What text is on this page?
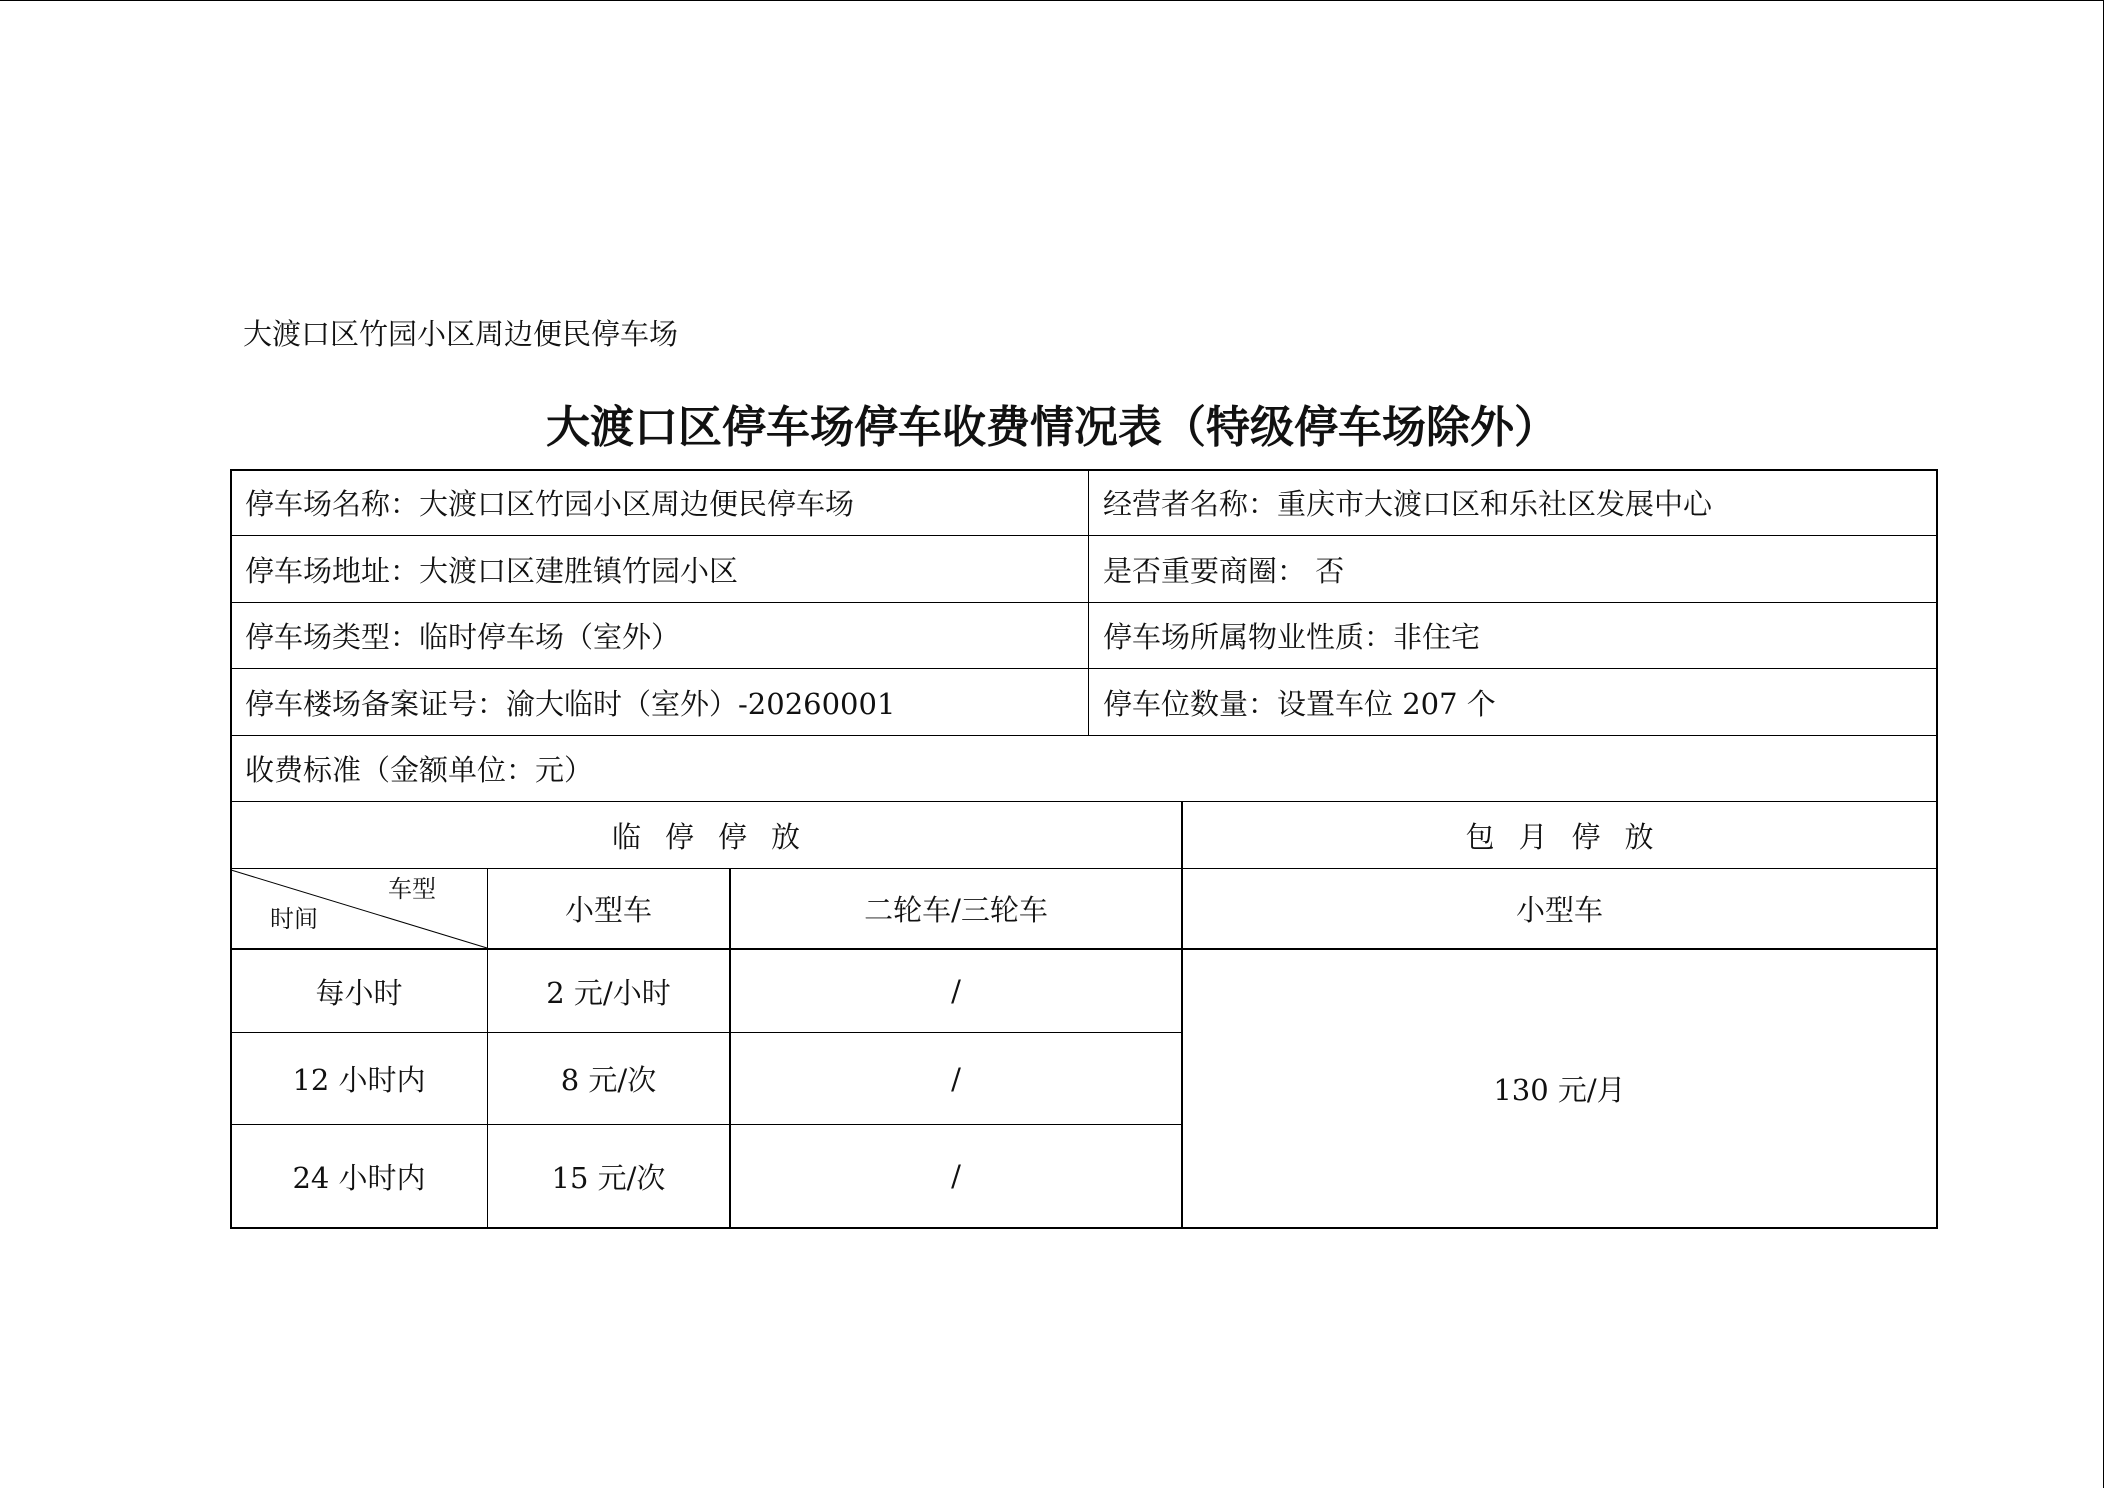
大渡口区竹园小区周边便民停车场
大渡口区停车场停车收费情况表（特级停车场除外）
停车场名称：大渡口区竹园小区周边便民停车场	经营者名称：重庆市大渡口区和乐社区发展中心
停车场地址：大渡口区建胜镇竹园小区	是否重要商圈： 否
停车场类型：临时停车场（室外）	停车场所属物业性质：非住宅
停车楼场备案证号：渝大临时（室外）-20260001	停车位数量：设置车位 207 个
收费标准（金额单位：元）
临停停放	包月停放
车型
时间	小型车	二轮车/三轮车	小型车
每小时	2 元/小时	/
12 小时内	8 元/次	/
24 小时内	15 元/次	/
130 元/月
